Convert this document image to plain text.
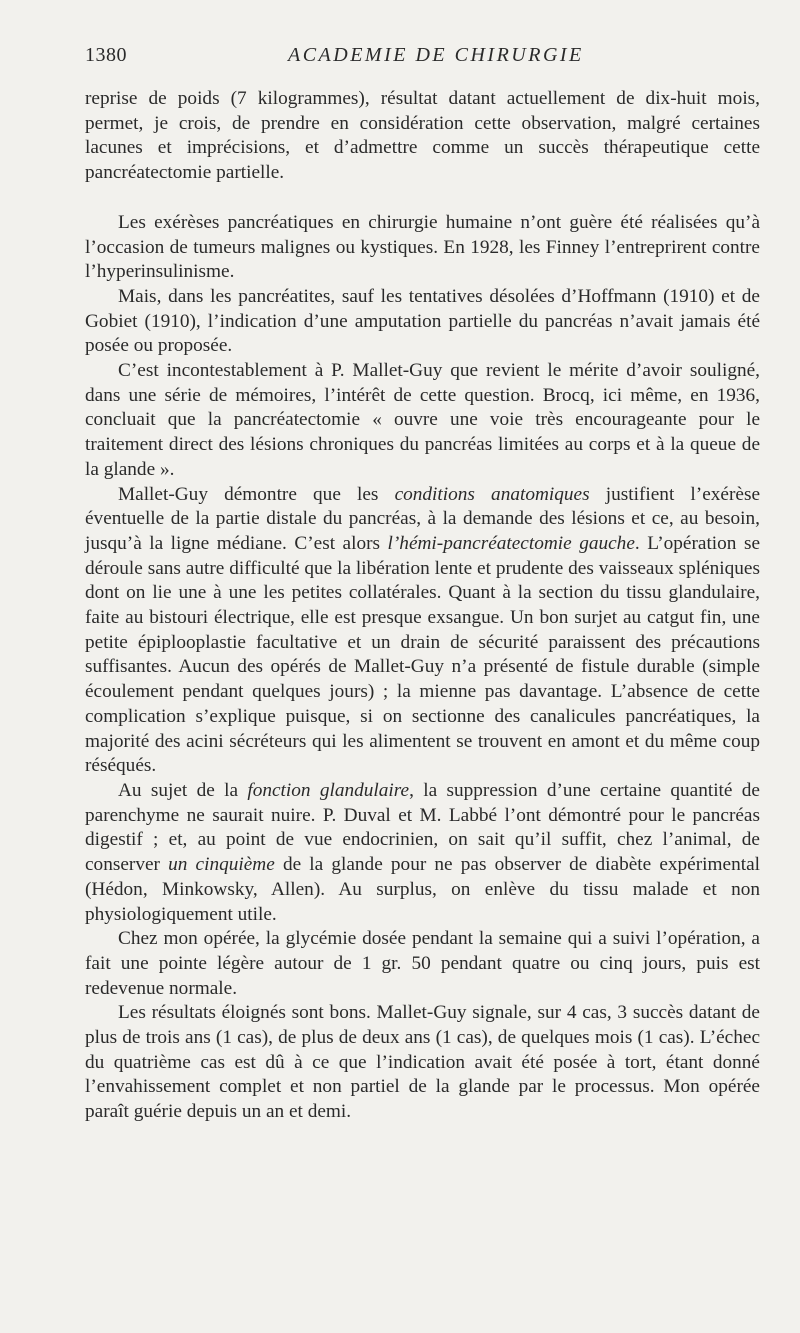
1380	ACADEMIE DE CHIRURGIE

reprise de poids (7 kilogrammes), résultat datant actuellement de dix-huit mois, permet, je crois, de prendre en considération cette observation, malgré certaines lacunes et imprécisions, et d’admettre comme un succès thérapeutique cette pancréatectomie partielle.

Les exérèses pancréatiques en chirurgie humaine n’ont guère été réalisées qu’à l’occasion de tumeurs malignes ou kystiques. En 1928, les Finney l’entreprirent contre l’hyperinsulinisme.

Mais, dans les pancréatites, sauf les tentatives désolées d’Hoffmann (1910) et de Gobiet (1910), l’indication d’une amputation partielle du pancréas n’avait jamais été posée ou proposée.

C’est incontestablement à P. Mallet-Guy que revient le mérite d’avoir souligné, dans une série de mémoires, l’intérêt de cette question. Brocq, ici même, en 1936, concluait que la pancréatectomie « ouvre une voie très encourageante pour le traitement direct des lésions chroniques du pancréas limitées au corps et à la queue de la glande ».

Mallet-Guy démontre que les conditions anatomiques justifient l’exérèse éventuelle de la partie distale du pancréas, à la demande des lésions et ce, au besoin, jusqu’à la ligne médiane. C’est alors l’hémi-pancréatectomie gauche. L’opération se déroule sans autre difficulté que la libération lente et prudente des vaisseaux spléniques dont on lie une à une les petites collatérales. Quant à la section du tissu glandulaire, faite au bistouri électrique, elle est presque exsangue. Un bon surjet au catgut fin, une petite épiplooplastie facultative et un drain de sécurité paraissent des précautions suffisantes. Aucun des opérés de Mallet-Guy n’a présenté de fistule durable (simple écoulement pendant quelques jours) ; la mienne pas davantage. L’absence de cette complication s’explique puisque, si on sectionne des canalicules pancréatiques, la majorité des acini sécréteurs qui les alimentent se trouvent en amont et du même coup réséqués.

Au sujet de la fonction glandulaire, la suppression d’une certaine quantité de parenchyme ne saurait nuire. P. Duval et M. Labbé l’ont démontré pour le pancréas digestif ; et, au point de vue endocrinien, on sait qu’il suffit, chez l’animal, de conserver un cinquième de la glande pour ne pas observer de diabète expérimental (Hédon, Minkowsky, Allen). Au surplus, on enlève du tissu malade et non physiologiquement utile.

Chez mon opérée, la glycémie dosée pendant la semaine qui a suivi l’opération, a fait une pointe légère autour de 1 gr. 50 pendant quatre ou cinq jours, puis est redevenue normale.

Les résultats éloignés sont bons. Mallet-Guy signale, sur 4 cas, 3 succès datant de plus de trois ans (1 cas), de plus de deux ans (1 cas), de quelques mois (1 cas). L’échec du quatrième cas est dû à ce que l’indication avait été posée à tort, étant donné l’envahissement complet et non partiel de la glande par le processus. Mon opérée paraît guérie depuis un an et demi.
